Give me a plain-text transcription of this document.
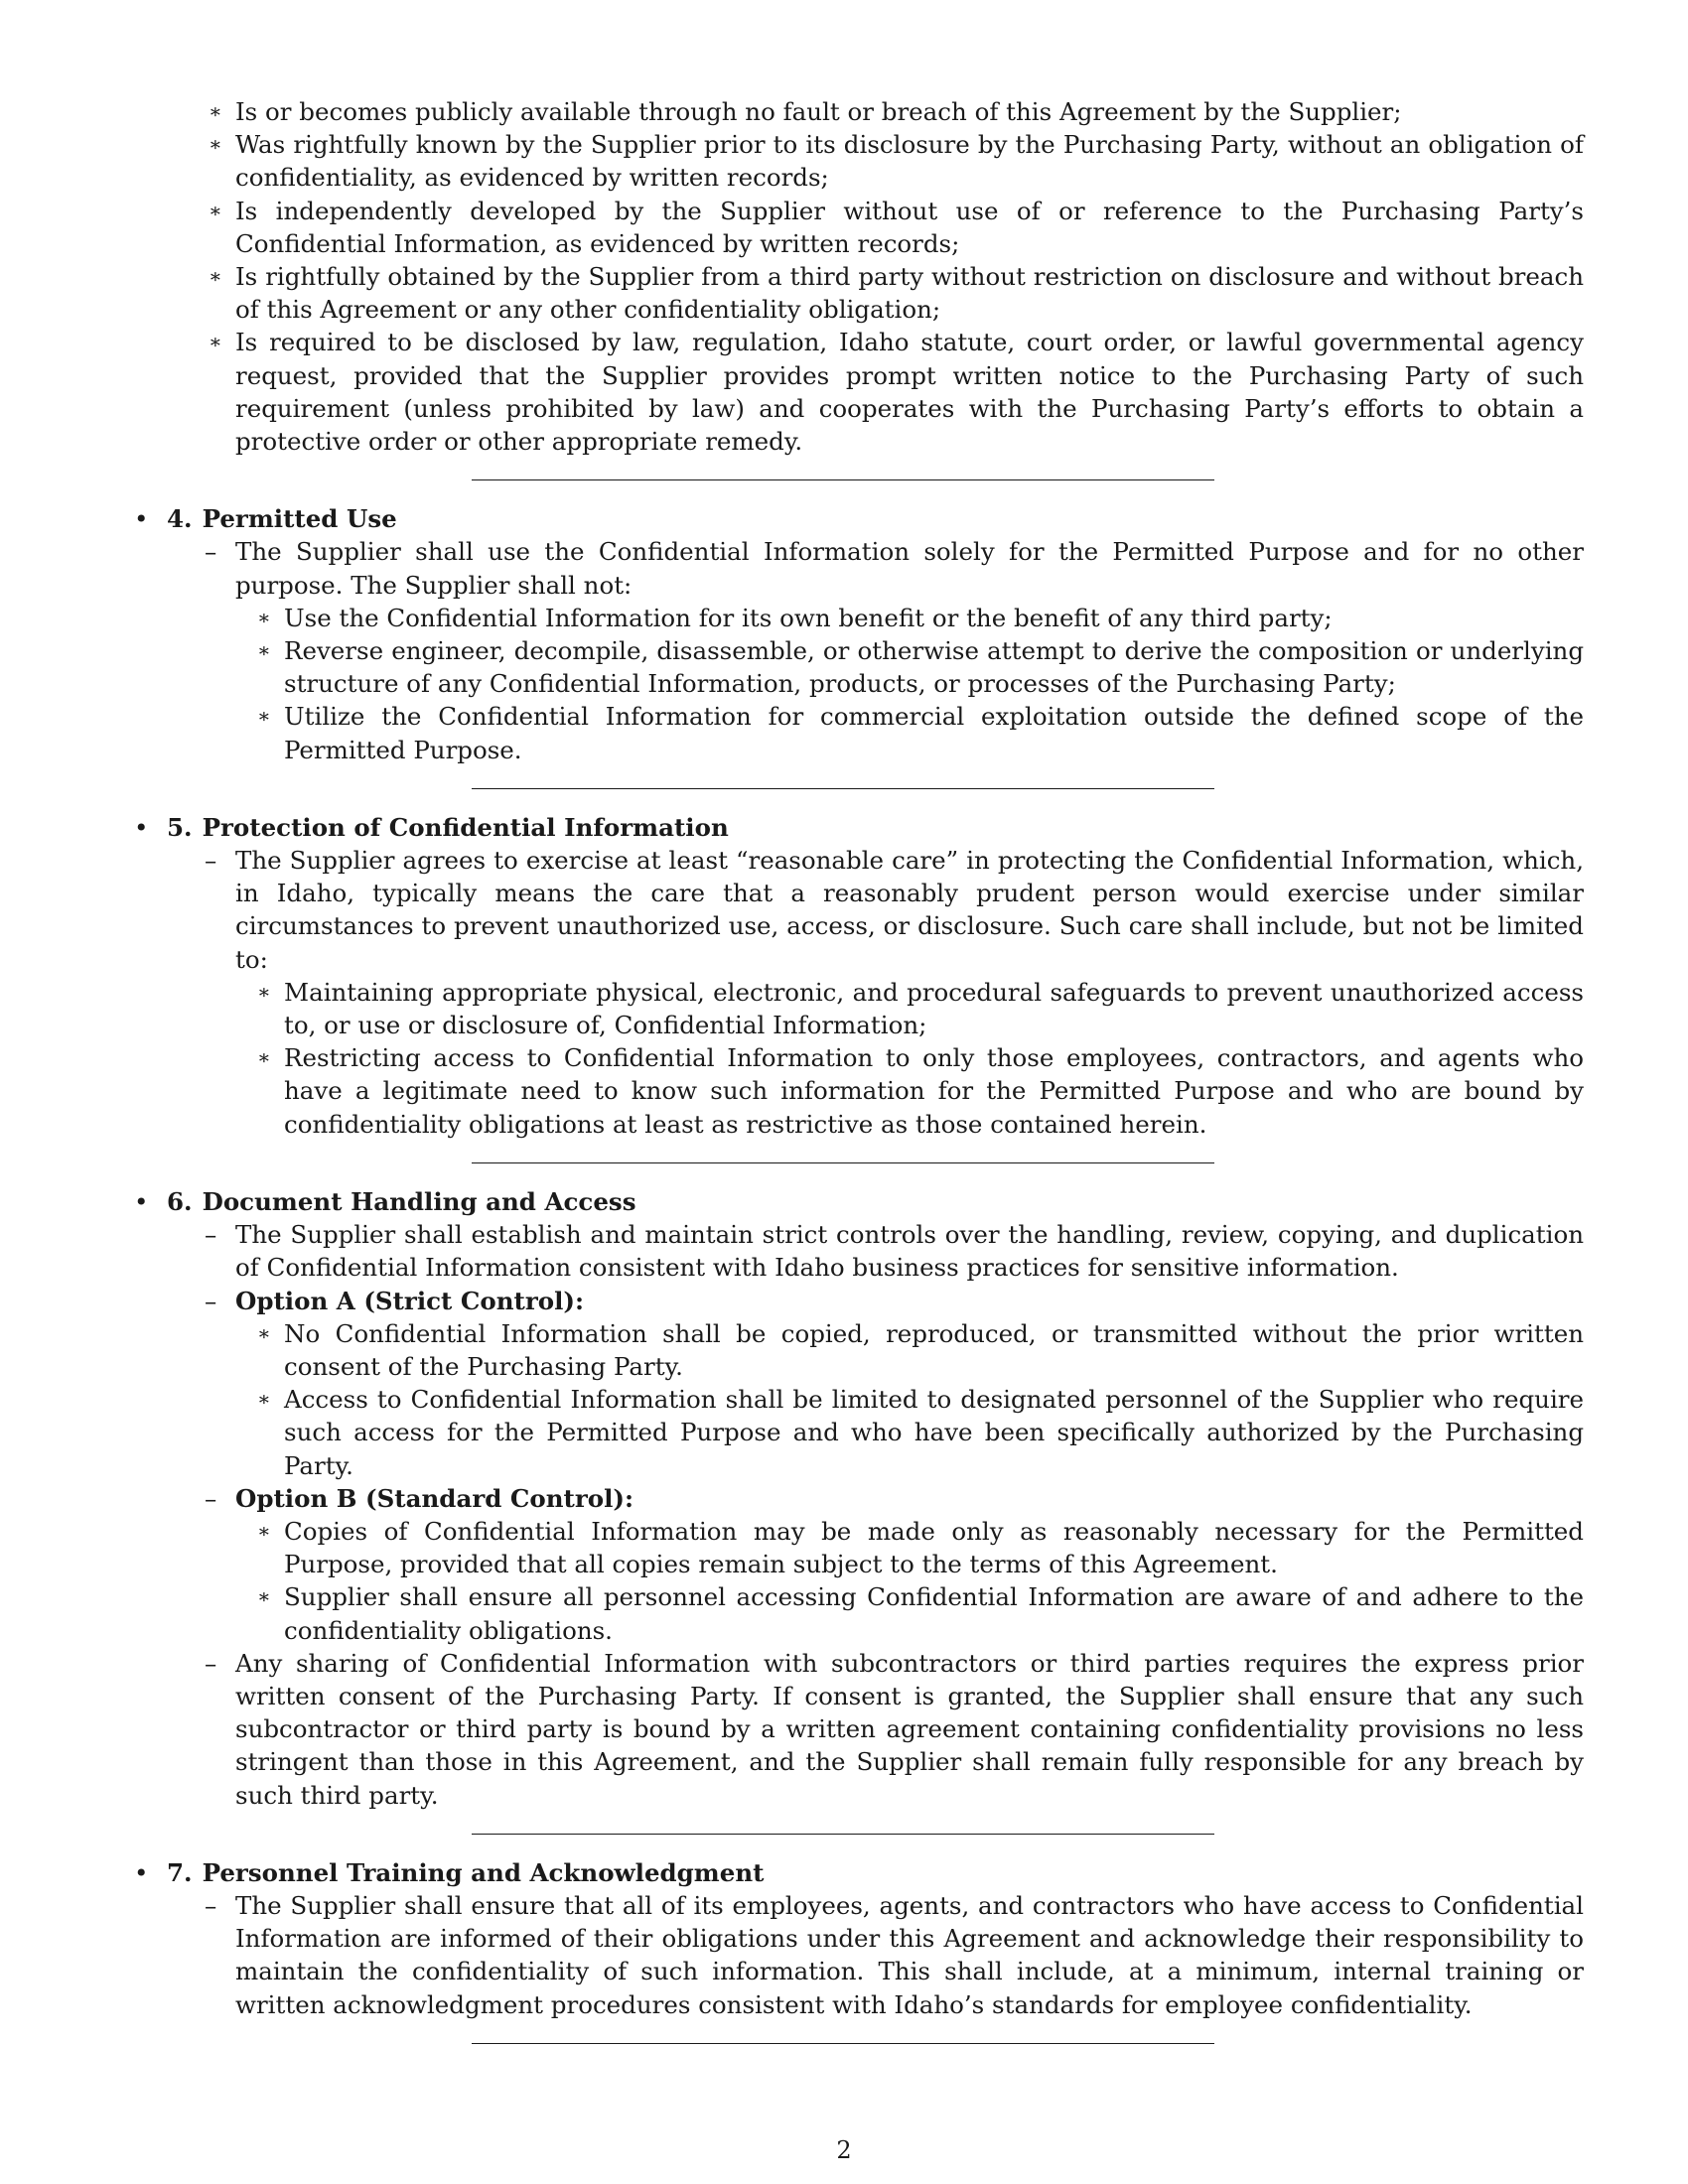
∗ Is or becomes publicly available through no fault or breach of this Agreement by the Supplier;

∗ Was rightfully known by the Supplier prior to its disclosure by the Purchasing Party, without an obligation of confidentiality, as evidenced by written records;

∗ Is independently developed by the Supplier without use of or reference to the Purchasing Party’s Confidential Information, as evidenced by written records;

∗ Is rightfully obtained by the Supplier from a third party without restriction on disclosure and without breach of this Agreement or any other confidentiality obligation;

∗ Is required to be disclosed by law, regulation, Idaho statute, court order, or lawful governmental agency request, provided that the Supplier provides prompt written notice to the Purchasing Party of such requirement (unless prohibited by law) and cooperates with the Purchasing Party’s efforts to obtain a protective order or other appropriate remedy.

• 4. Permitted Use

– The Supplier shall use the Confidential Information solely for the Permitted Purpose and for no other purpose. The Supplier shall not:

∗ Use the Confidential Information for its own benefit or the benefit of any third party;

∗ Reverse engineer, decompile, disassemble, or otherwise attempt to derive the composition or underlying structure of any Confidential Information, products, or processes of the Purchasing Party;

∗ Utilize the Confidential Information for commercial exploitation outside the defined scope of the Permitted Purpose.

• 5. Protection of Confidential Information

– The Supplier agrees to exercise at least “reasonable care” in protecting the Confidential Information, which, in Idaho, typically means the care that a reasonably prudent person would exercise under similar circumstances to prevent unauthorized use, access, or disclosure. Such care shall include, but not be limited to:

∗ Maintaining appropriate physical, electronic, and procedural safeguards to prevent unauthorized access to, or use or disclosure of, Confidential Information;

∗ Restricting access to Confidential Information to only those employees, contractors, and agents who have a legitimate need to know such information for the Permitted Purpose and who are bound by confidentiality obligations at least as restrictive as those contained herein.

• 6. Document Handling and Access

– The Supplier shall establish and maintain strict controls over the handling, review, copying, and duplication of Confidential Information consistent with Idaho business practices for sensitive information.

– Option A (Strict Control):

∗ No Confidential Information shall be copied, reproduced, or transmitted without the prior written consent of the Purchasing Party.

∗ Access to Confidential Information shall be limited to designated personnel of the Supplier who require such access for the Permitted Purpose and who have been specifically authorized by the Purchasing Party.

– Option B (Standard Control):

∗ Copies of Confidential Information may be made only as reasonably necessary for the Permitted Purpose, provided that all copies remain subject to the terms of this Agreement.

∗ Supplier shall ensure all personnel accessing Confidential Information are aware of and adhere to the confidentiality obligations.

– Any sharing of Confidential Information with subcontractors or third parties requires the express prior written consent of the Purchasing Party. If consent is granted, the Supplier shall ensure that any such subcontractor or third party is bound by a written agreement containing confidentiality provisions no less stringent than those in this Agreement, and the Supplier shall remain fully responsible for any breach by such third party.

• 7. Personnel Training and Acknowledgment

– The Supplier shall ensure that all of its employees, agents, and contractors who have access to Confidential Information are informed of their obligations under this Agreement and acknowledge their responsibility to maintain the confidentiality of such information. This shall include, at a minimum, internal training or written acknowledgment procedures consistent with Idaho’s standards for employee confidentiality.

2
